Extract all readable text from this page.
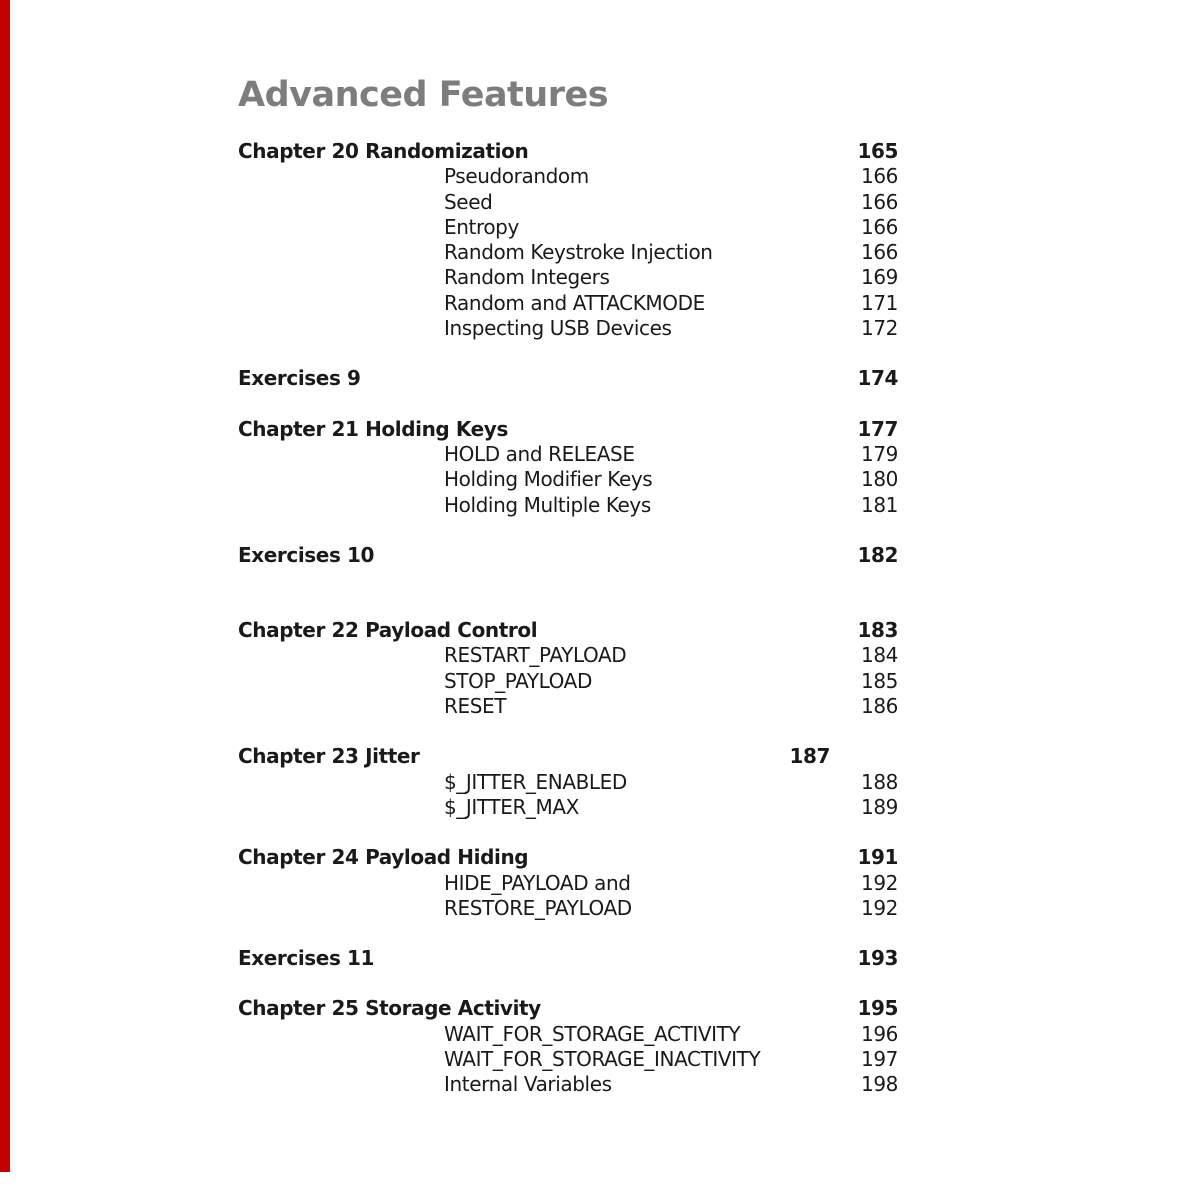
Advanced Features
Chapter 20 Randomization	165
Pseudorandom	166
Seed	166
Entropy	166
Random Keystroke Injection	166
Random Integers	169
Random and ATTACKMODE	171
Inspecting USB Devices	172
Exercises 9	174
Chapter 21 Holding Keys	177
HOLD and RELEASE	179
Holding Modifier Keys	180
Holding Multiple Keys	181
Exercises 10	182
Chapter 22 Payload Control	183
RESTART_PAYLOAD	184
STOP_PAYLOAD	185
RESET	186
Chapter 23 Jitter	187
$_JITTER_ENABLED	188
$_JITTER_MAX	189
Chapter 24 Payload Hiding	191
HIDE_PAYLOAD and	192
RESTORE_PAYLOAD	192
Exercises 11	193
Chapter 25 Storage Activity	195
WAIT_FOR_STORAGE_ACTIVITY	196
WAIT_FOR_STORAGE_INACTIVITY	197
Internal Variables	198
